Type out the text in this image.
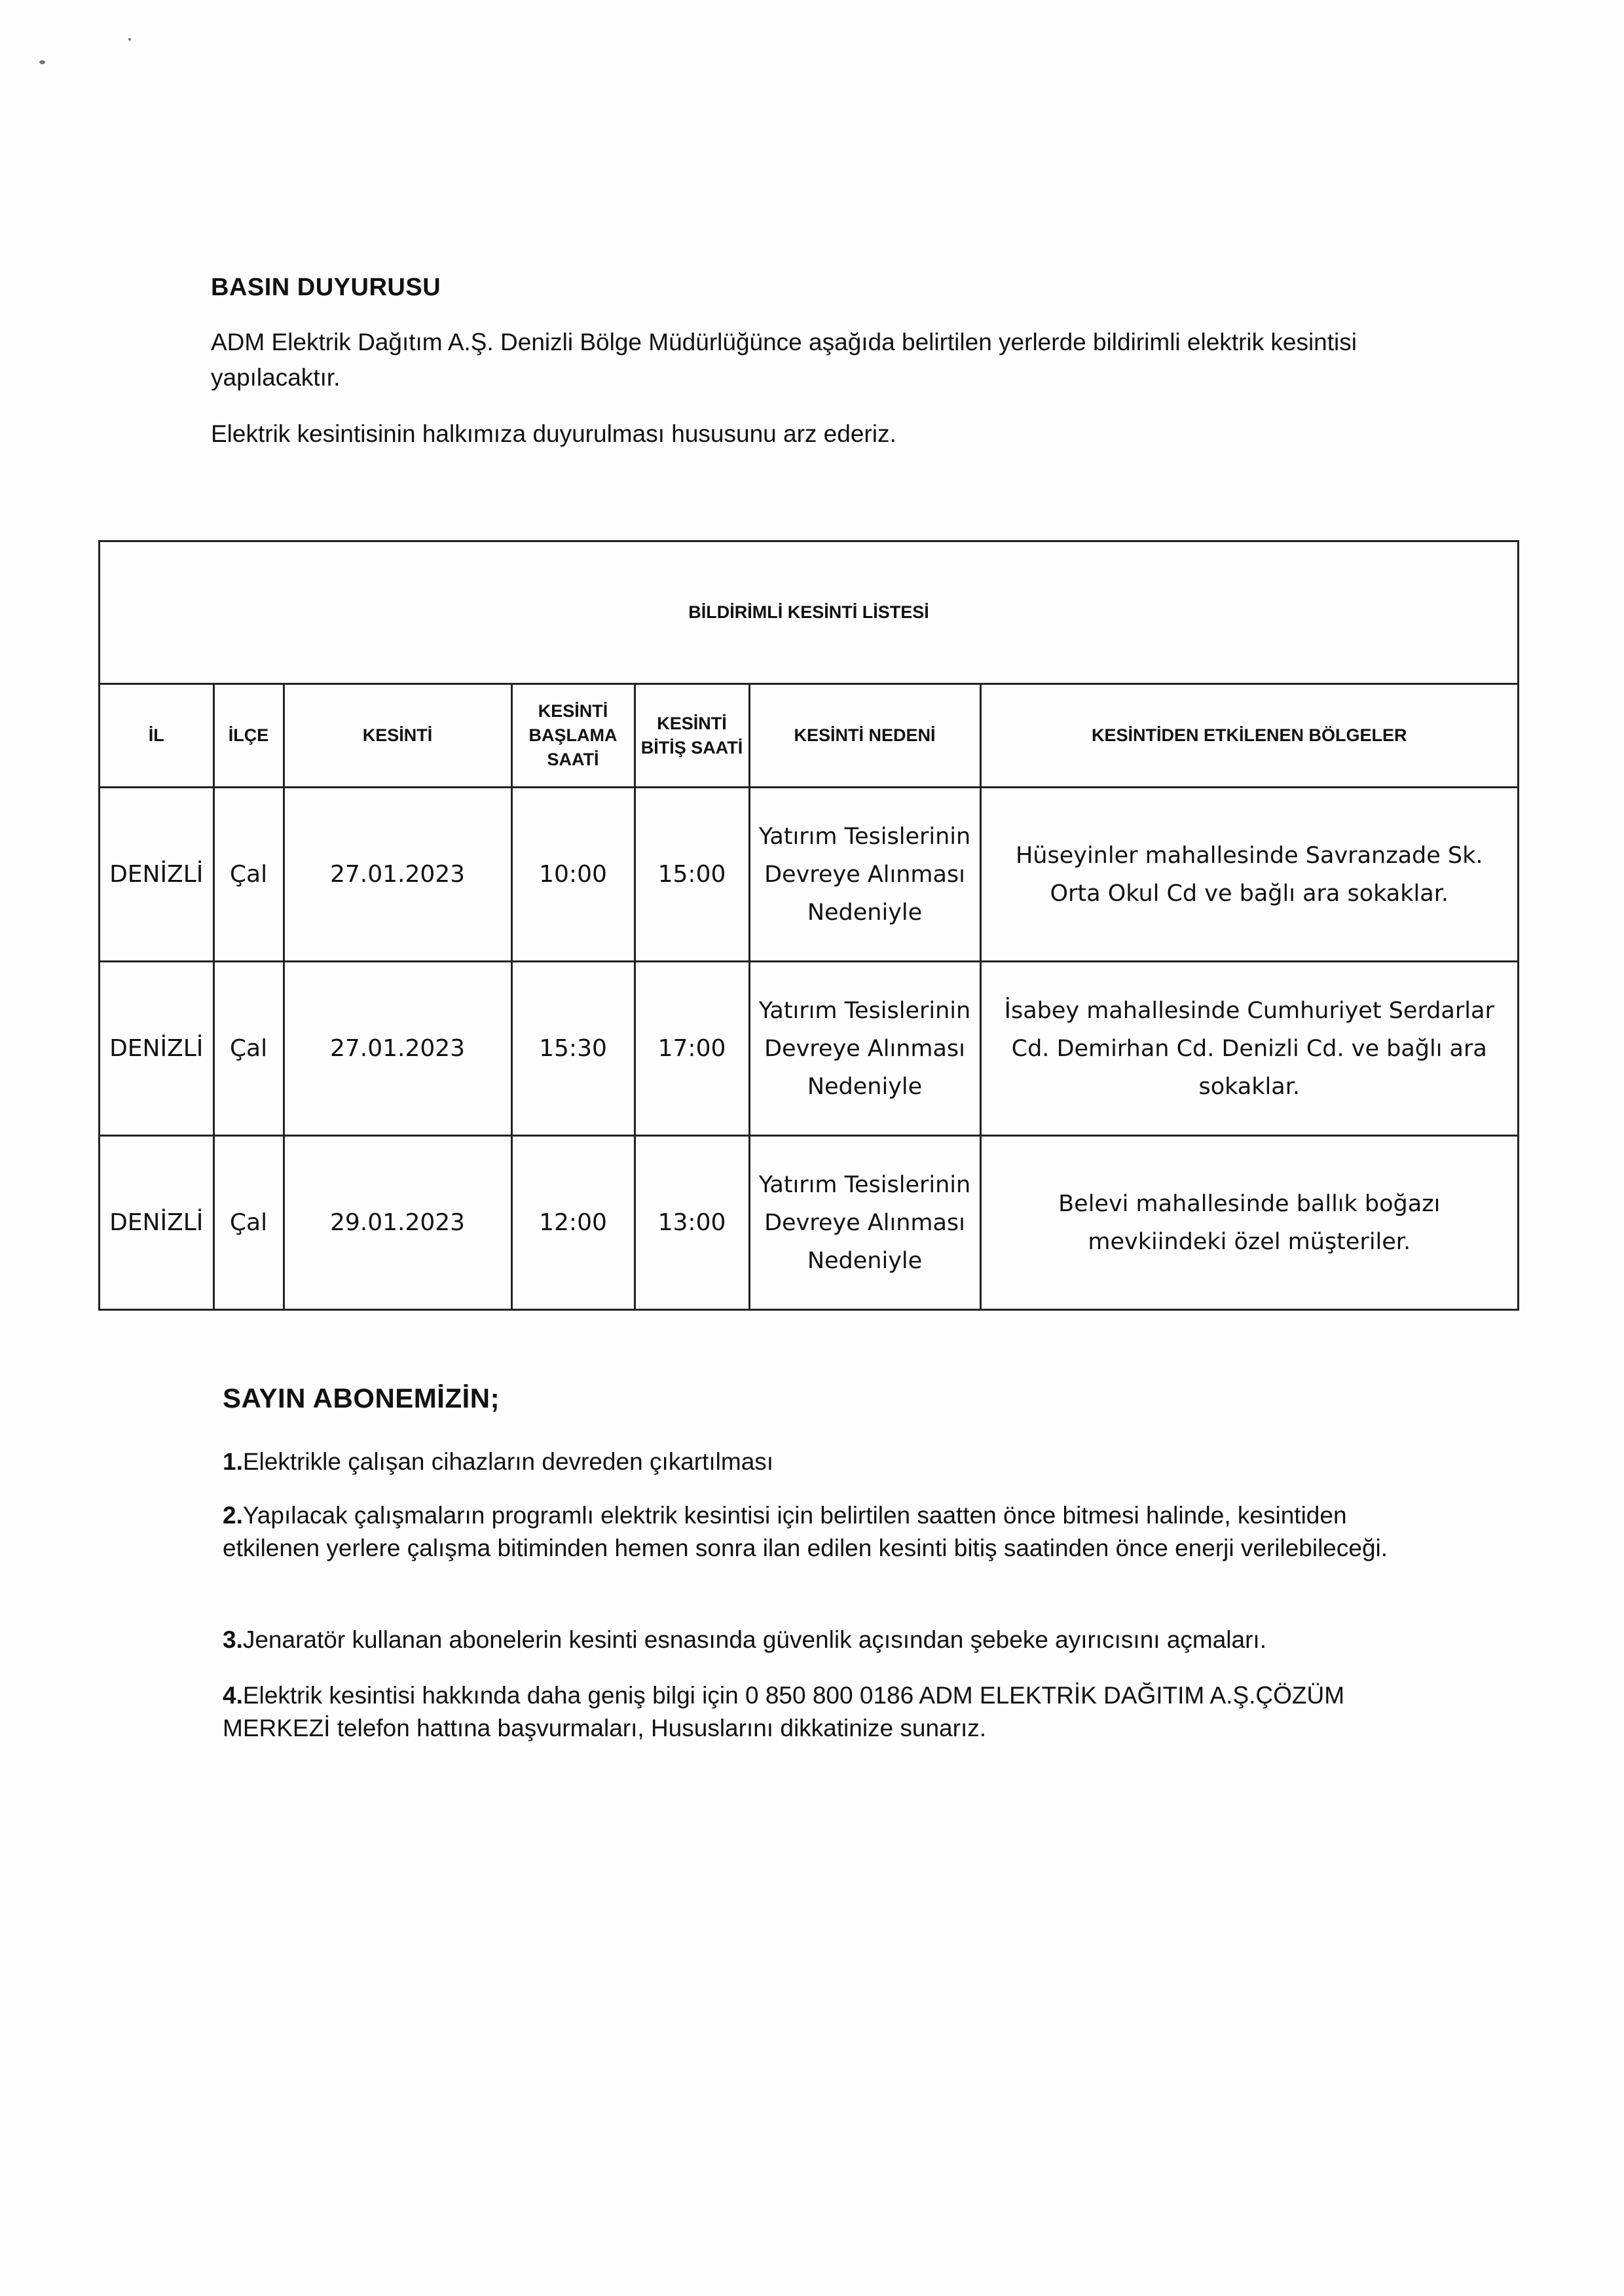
BASIN DUYURUSU
ADM Elektrik Dağıtım A.Ş. Denizli Bölge Müdürlüğünce aşağıda belirtilen yerlerde bildirimli elektrik kesintisi yapılacaktır.
Elektrik kesintisinin halkımıza duyurulması hususunu arz ederiz.
BİLDİRİMLİ KESİNTİ LİSTESİ
İL	İLÇE	KESİNTİ	KESİNTİ BAŞLAMA SAATİ	KESİNTİ BİTİŞ SAATİ	KESİNTİ NEDENİ	KESİNTİDEN ETKİLENEN BÖLGELER
DENİZLİ	Çal	27.01.2023	10:00	15:00	Yatırım Tesislerinin Devreye Alınması Nedeniyle	Hüseyinler mahallesinde Savranzade Sk. Orta Okul Cd ve bağlı ara sokaklar.
DENİZLİ	Çal	27.01.2023	15:30	17:00	Yatırım Tesislerinin Devreye Alınması Nedeniyle	İsabey mahallesinde Cumhuriyet Serdarlar Cd. Demirhan Cd. Denizli Cd. ve bağlı ara sokaklar.
DENİZLİ	Çal	29.01.2023	12:00	13:00	Yatırım Tesislerinin Devreye Alınması Nedeniyle	Belevi mahallesinde ballık boğazı mevkiindeki özel müşteriler.
SAYIN ABONEMİZİN;
1.Elektrikle çalışan cihazların devreden çıkartılması
2.Yapılacak çalışmaların programlı elektrik kesintisi için belirtilen saatten önce bitmesi halinde, kesintiden etkilenen yerlere çalışma bitiminden hemen sonra ilan edilen kesinti bitiş saatinden önce enerji verilebileceği.
3.Jenaratör kullanan abonelerin kesinti esnasında güvenlik açısından şebeke ayırıcısını açmaları.
4.Elektrik kesintisi hakkında daha geniş bilgi için 0 850 800 0186 ADM ELEKTRİK DAĞITIM A.Ş.ÇÖZÜM MERKEZİ telefon hattına başvurmaları, Hususlarını dikkatinize sunarız.
